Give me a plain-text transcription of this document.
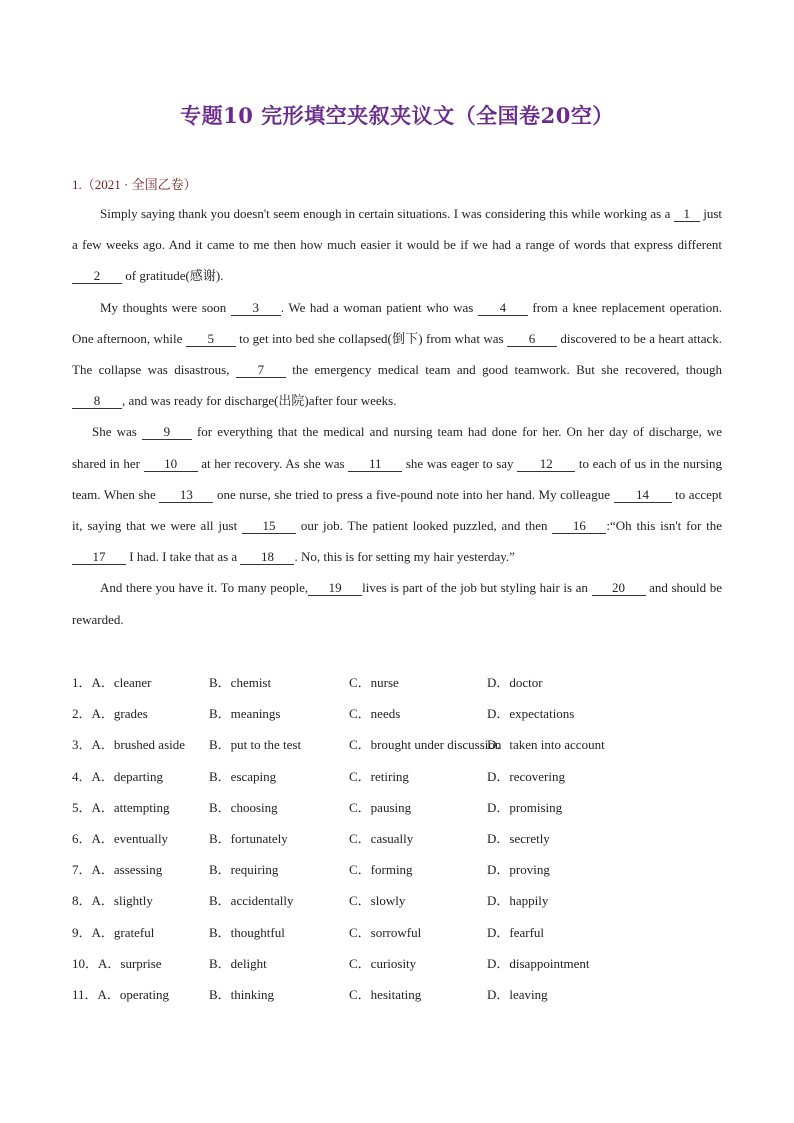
专题10 完形填空夹叙夹议文（全国卷20空）
1.（2021 · 全国乙卷）

Simply saying thank you doesn't seem enough in certain situations. I was considering this while working as a 1 just a few weeks ago. And it came to me then how much easier it would be if we had a range of words that express different 2 of gratitude(感谢).

My thoughts were soon 3 . We had a woman patient who was 4 from a knee replacement operation. One afternoon, while 5 to get into bed she collapsed(倒下) from what was 6 discovered to be a heart attack. The collapse was disastrous, 7 the emergency medical team and good teamwork. But she recovered, though 8 , and was ready for discharge(出院)after four weeks.

She was 9 for everything that the medical and nursing team had done for her. On her day of discharge, we shared in her 10 at her recovery. As she was 11 she was eager to say 12 to each of us in the nursing team. When she 13 one nurse, she tried to press a five-pound note into her hand. My colleague 14 to accept it, saying that we were all just 15 our job. The patient looked puzzled, and then 16 :“Oh this isn't for the17 I had. I take that as a 18 . No, this is for setting my hair yesterday.”

And there you have it. To many people, 19 lives is part of the job but styling hair is an 20 and should be rewarded.

1．A．cleaner	B．chemist	C．nurse	D．doctor
2．A．grades	B．meanings	C．needs	D．expectations
3．A．brushed aside B．put to the test	C．brought under discussion
D．taken into account
4．A．departing	B．escaping	C．retiring	D．recovering
5．A．attempting	B．choosing	C．pausing	D．promising
6．A．eventually	B．fortunately	C．casually	D．secretly
7．A．assessing	B．requiring	C．forming	D．proving
8．A．slightly	B．accidentally	C．slowly	D．happily
9．A．grateful	B．thoughtful	C．sorrowful	D．fearful
10．A．surprise	B．delight	C．curiosity	D．disappointment
11．A．operating	B．thinking	C．hesitating	D．leaving
